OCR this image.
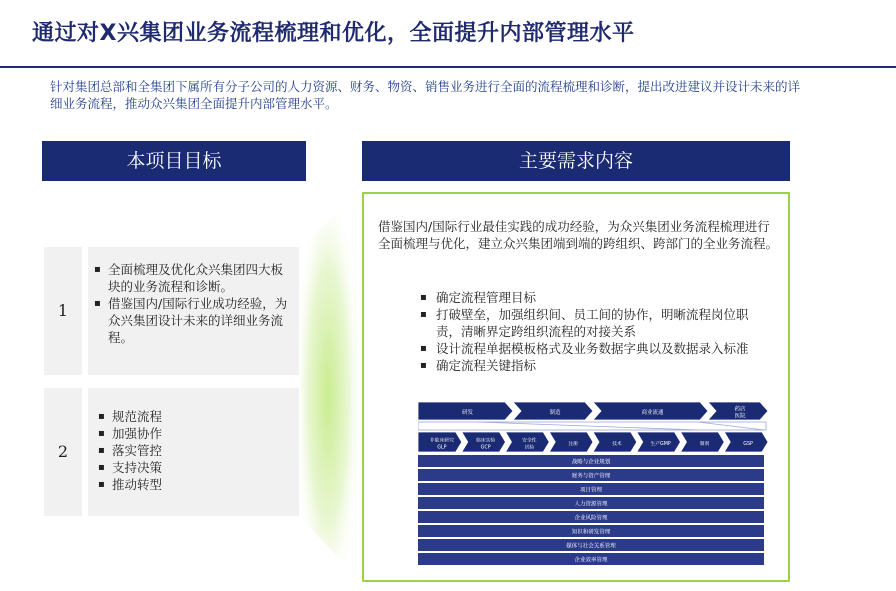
通过对X兴集团业务流程梳理和优化，全面提升内部管理水平
针对集团总部和全集团下属所有分子公司的人力资源、财务、物资、销售业务进行全面的流程梳理和诊断，提出改进建议并设计未来的详细业务流程，推动众兴集团全面提升内部管理水平。
本项目目标	主要需求内容
1
▪ 全面梳理及优化众兴集团四大板块的业务流程和诊断。
▪ 借鉴国内/国际行业成功经验，为众兴集团设计未来的详细业务流程。
2
▪ 规范流程
▪ 加强协作
▪ 落实管控
▪ 支持决策
▪ 推动转型
借鉴国内/国际行业最佳实践的成功经验，为众兴集团业务流程梳理进行全面梳理与优化，建立众兴集团端到端的跨组织、跨部门的全业务流程。
▪ 确定流程管理目标
▪ 打破壁垒，加强组织间、员工间的协作，明晰流程岗位职责，清晰界定跨组织流程的对接关系
▪ 设计流程单据模板格式及业务数据字典以及数据录入标准
▪ 确定流程关键指标
研发	制造	商业流通
药店医院
非临床研究 GLP
临床实验 GCP
安全性试验
注册	技术	生产GMP	制剂	GSP
战略与企业规划
财务与资产管理
项目管理
人力资源管理
企业风险管理
知识和研发管理
媒体与社会关系管理
企业效率管理
